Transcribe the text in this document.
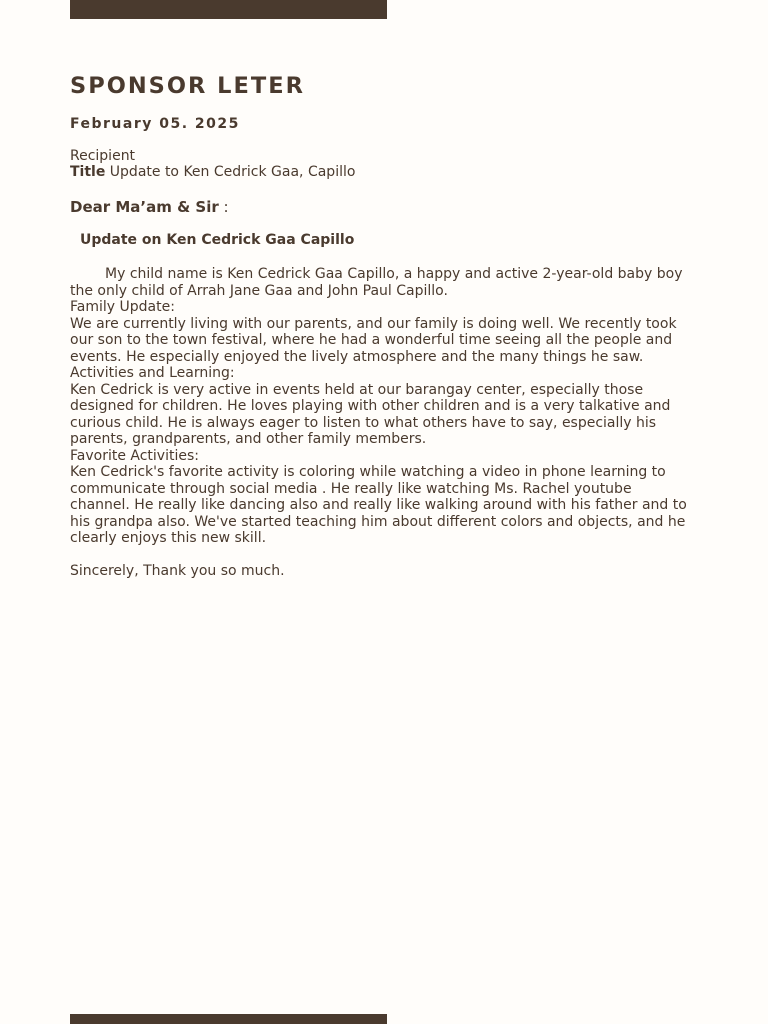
SPONSOR LETER
February 05. 2025
Recipient
Title Update to Ken Cedrick Gaa, Capillo
Dear Ma’am & Sir :
Update on Ken Cedrick Gaa Capillo

My child name is Ken Cedrick Gaa Capillo, a happy and active 2-year-old baby boy the only child of Arrah Jane Gaa and John Paul Capillo.

Family Update:

We are currently living with our parents, and our family is doing well. We recently took our son to the town festival, where he had a wonderful time seeing all the people and events. He especially enjoyed the lively atmosphere and the many things he saw.

Activities and Learning:

Ken Cedrick is very active in events held at our barangay center, especially those designed for children. He loves playing with other children and is a very talkative and curious child. He is always eager to listen to what others have to say, especially his parents, grandparents, and other family members.

Favorite Activities:

Ken Cedrick's favorite activity is coloring while watching a video in phone learning to communicate through social media . He really like watching Ms. Rachel youtube channel. He really like dancing also and really like walking around with his father and to his grandpa also. We've started teaching him about different colors and objects, and he clearly enjoys this new skill.

Sincerely, Thank you so much.
